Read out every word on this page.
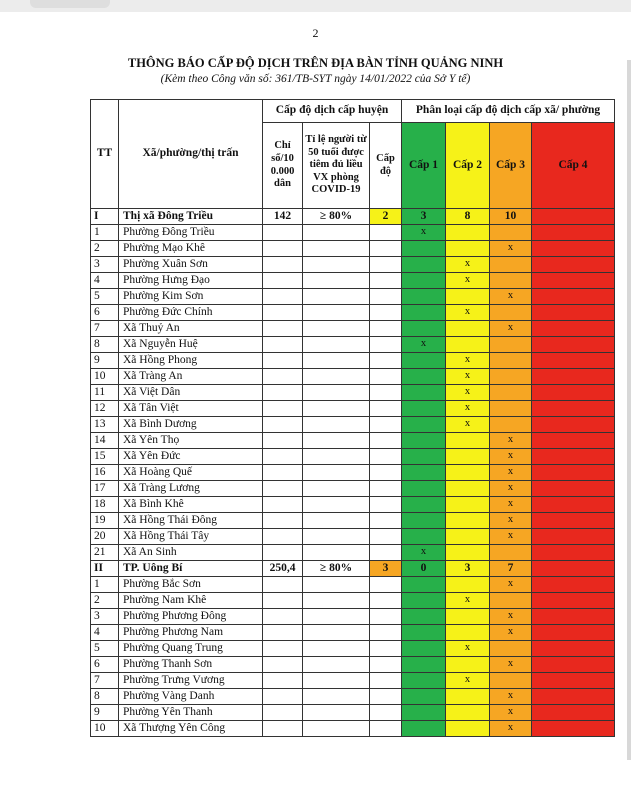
2
THÔNG BÁO CẤP ĐỘ DỊCH TRÊN ĐỊA BÀN TỈNH QUẢNG NINH
(Kèm theo Công văn số: 361/TB-SYT ngày 14/01/2022 của Sở Y tế)
TT	Xã/phường/thị trấn	Cấp độ dịch cấp huyện			Phân loại cấp độ dịch cấp xã/ phường			
		Chỉ số/10 0.000 dân	Tỉ lệ người từ 50 tuổi được tiêm đủ liều VX phòng COVID-19	Cấp độ	Cấp 1	Cấp 2	Cấp 3	Cấp 4
I	Thị xã Đông Triều	142	≥ 80%	2	3	8	10	
1	Phường Đông Triều				x			
2	Phường Mạo Khê						x	
3	Phường Xuân Sơn					x		
4	Phường Hưng Đạo					x		
5	Phường Kim Sơn						x	
6	Phường Đức Chính					x		
7	Xã Thuỷ An						x	
8	Xã Nguyễn Huệ				x			
9	Xã Hồng Phong					x		
10	Xã Tràng An					x		
11	Xã Việt Dân					x		
12	Xã Tân Việt					x		
13	Xã Bình Dương					x		
14	Xã Yên Thọ						x	
15	Xã Yên Đức						x	
16	Xã Hoàng Quế						x	
17	Xã Tràng Lương						x	
18	Xã Bình Khê						x	
19	Xã Hồng Thái Đông						x	
20	Xã Hồng Thái Tây						x	
21	Xã An Sinh				x			
II	TP. Uông Bí	250,4	≥ 80%	3	0	3	7	
1	Phường Bắc Sơn						x	
2	Phường Nam Khê					x		
3	Phường Phương Đông						x	
4	Phường Phương Nam						x	
5	Phường Quang Trung					x		
6	Phường Thanh Sơn						x	
7	Phường Trưng Vương					x		
8	Phường Vàng Danh						x	
9	Phường Yên Thanh						x	
10	Xã Thượng Yên Công						x	
